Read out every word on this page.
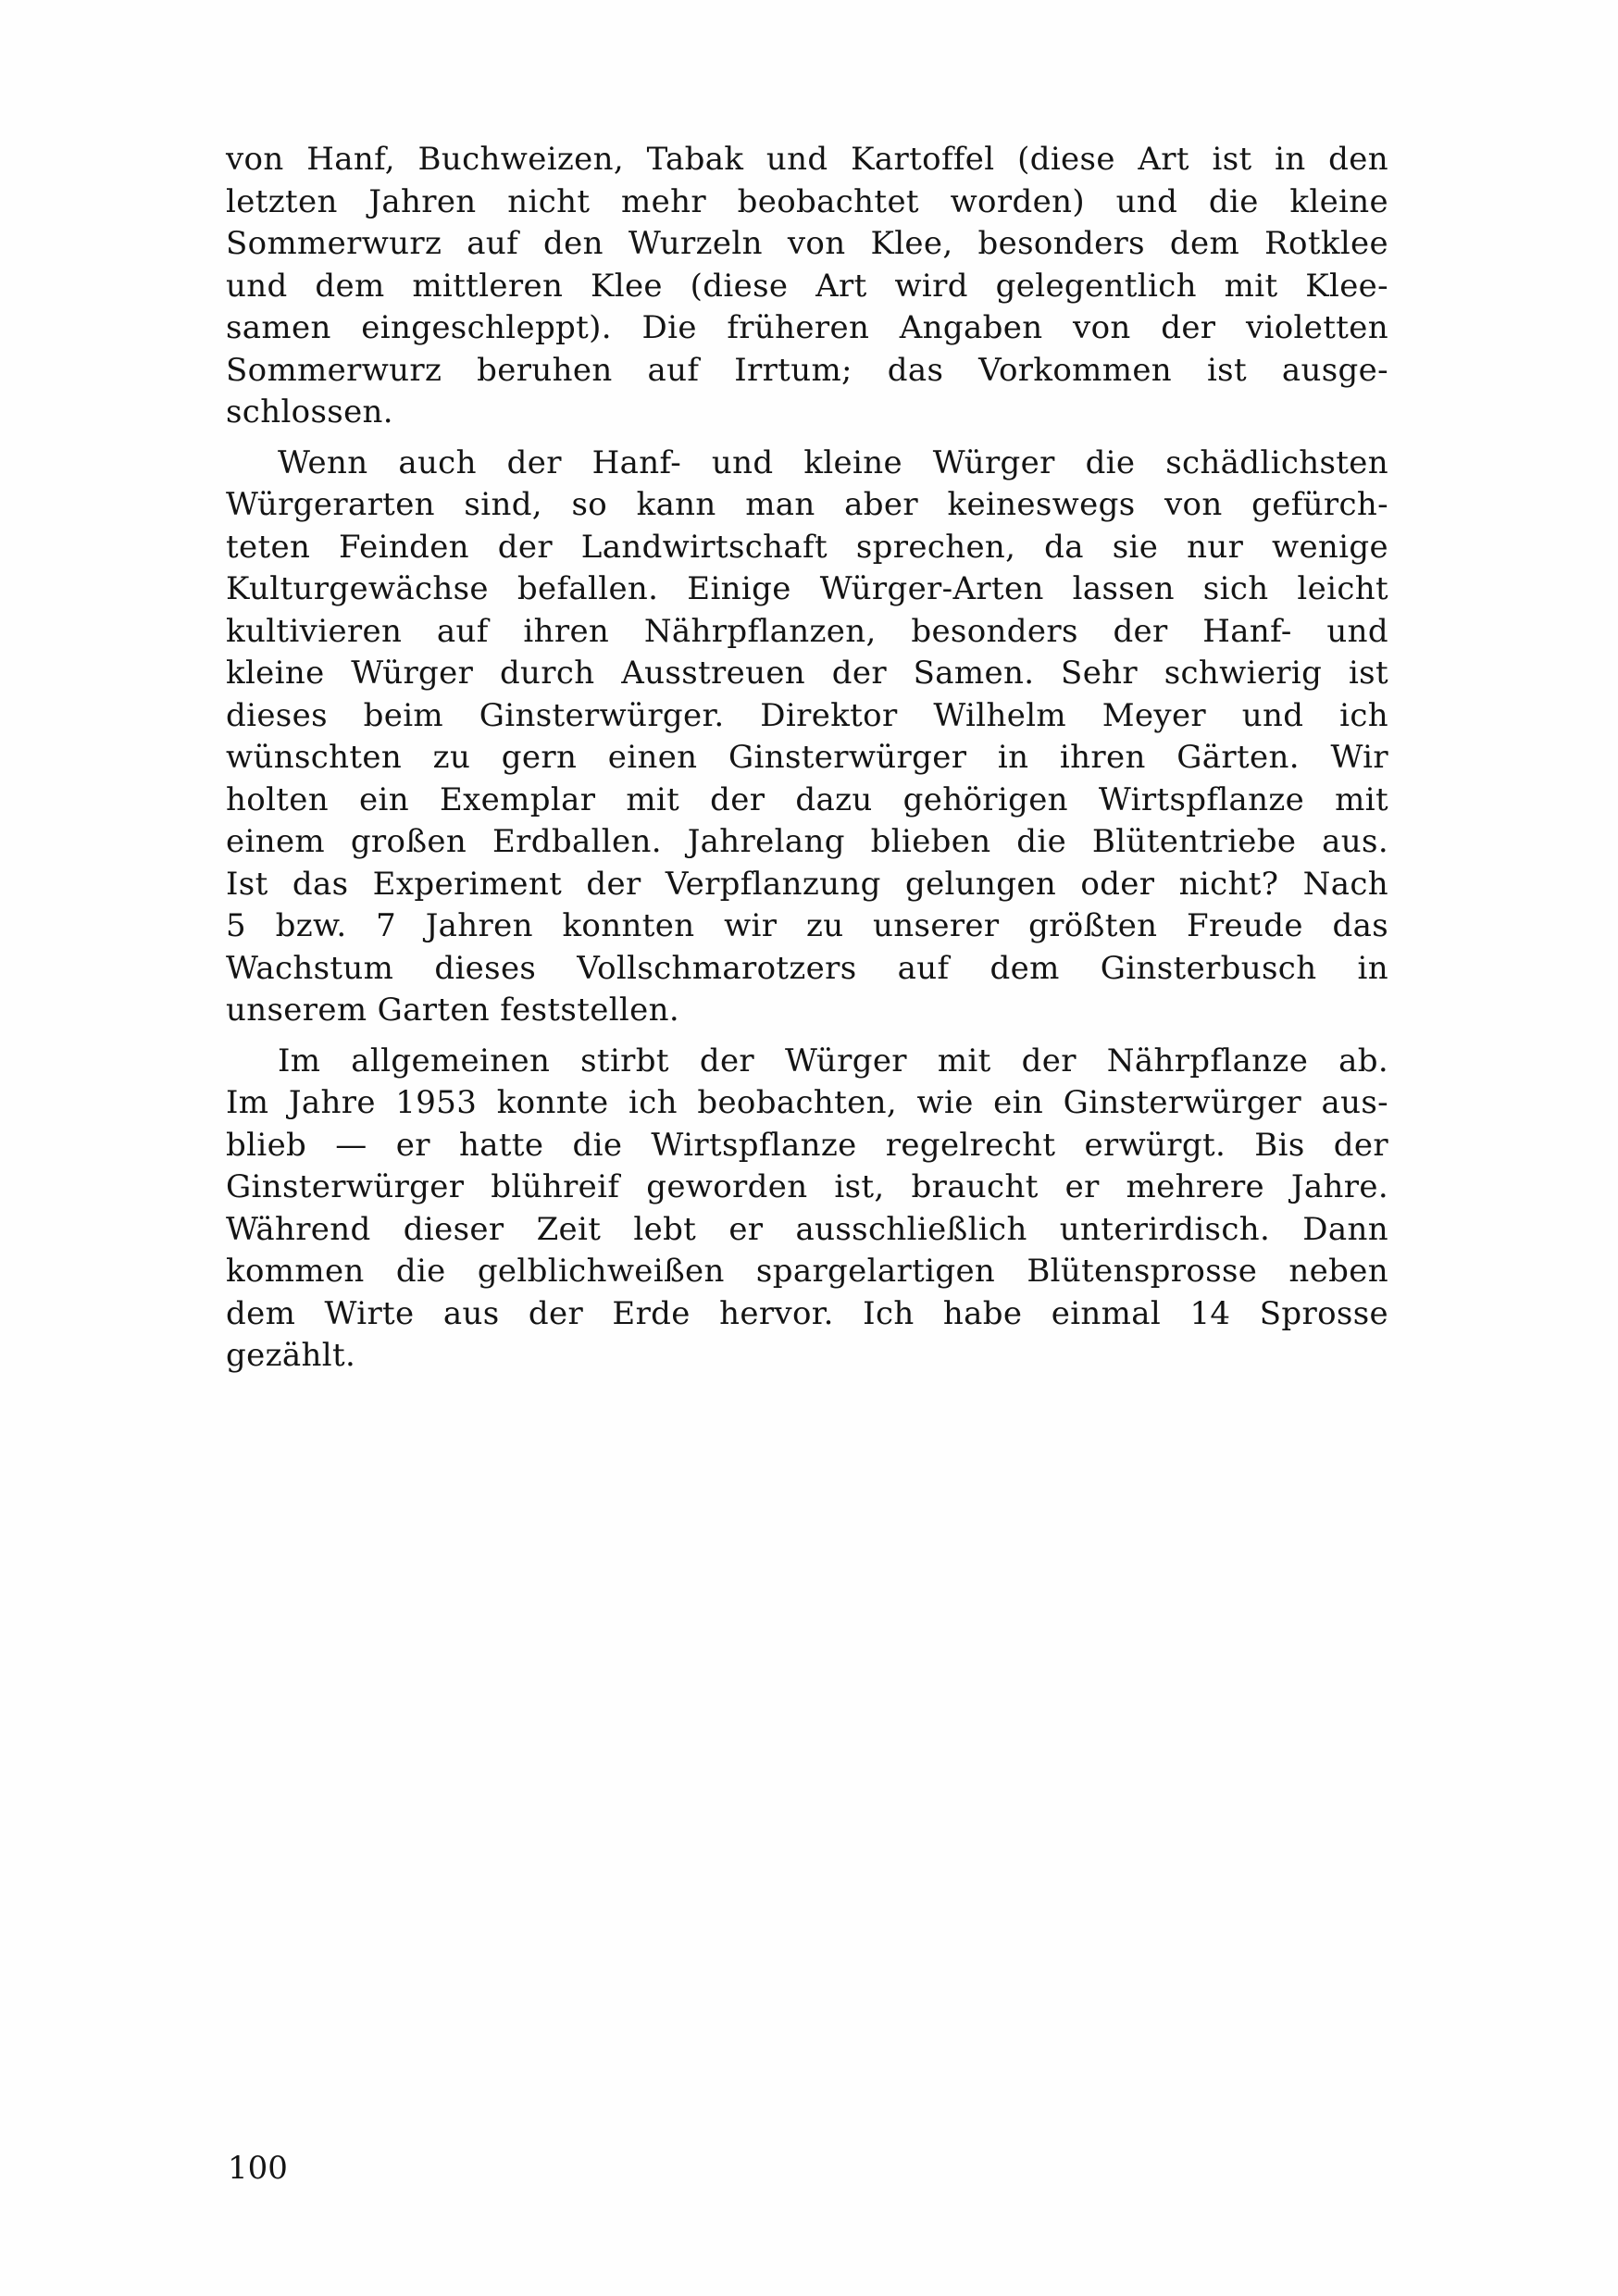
von Hanf, Buchweizen, Tabak und Kartoffel (diese Art ist in den
letzten Jahren nicht mehr beobachtet worden) und die kleine
Sommerwurz auf den Wurzeln von Klee, besonders dem Rotklee
und dem mittleren Klee (diese Art wird gelegentlich mit Klee-
samen eingeschleppt). Die früheren Angaben von der violetten
Sommerwurz beruhen auf Irrtum; das Vorkommen ist ausge-
schlossen.
Wenn auch der Hanf- und kleine Würger die schädlichsten
Würgerarten sind, so kann man aber keineswegs von gefürch-
teten Feinden der Landwirtschaft sprechen, da sie nur wenige
Kulturgewächse befallen. Einige Würger-Arten lassen sich leicht
kultivieren auf ihren Nährpflanzen, besonders der Hanf- und
kleine Würger durch Ausstreuen der Samen. Sehr schwierig ist
dieses beim Ginsterwürger. Direktor Wilhelm Meyer und ich
wünschten zu gern einen Ginsterwürger in ihren Gärten. Wir
holten ein Exemplar mit der dazu gehörigen Wirtspflanze mit
einem großen Erdballen. Jahrelang blieben die Blütentriebe aus.
Ist das Experiment der Verpflanzung gelungen oder nicht? Nach
5 bzw. 7 Jahren konnten wir zu unserer größten Freude das
Wachstum dieses Vollschmarotzers auf dem Ginsterbusch in
unserem Garten feststellen.
Im allgemeinen stirbt der Würger mit der Nährpflanze ab.
Im Jahre 1953 konnte ich beobachten, wie ein Ginsterwürger aus-
blieb — er hatte die Wirtspflanze regelrecht erwürgt. Bis der
Ginsterwürger blühreif geworden ist, braucht er mehrere Jahre.
Während dieser Zeit lebt er ausschließlich unterirdisch. Dann
kommen die gelblichweißen spargelartigen Blütensprosse neben
dem Wirte aus der Erde hervor. Ich habe einmal 14 Sprosse
gezählt.
100
